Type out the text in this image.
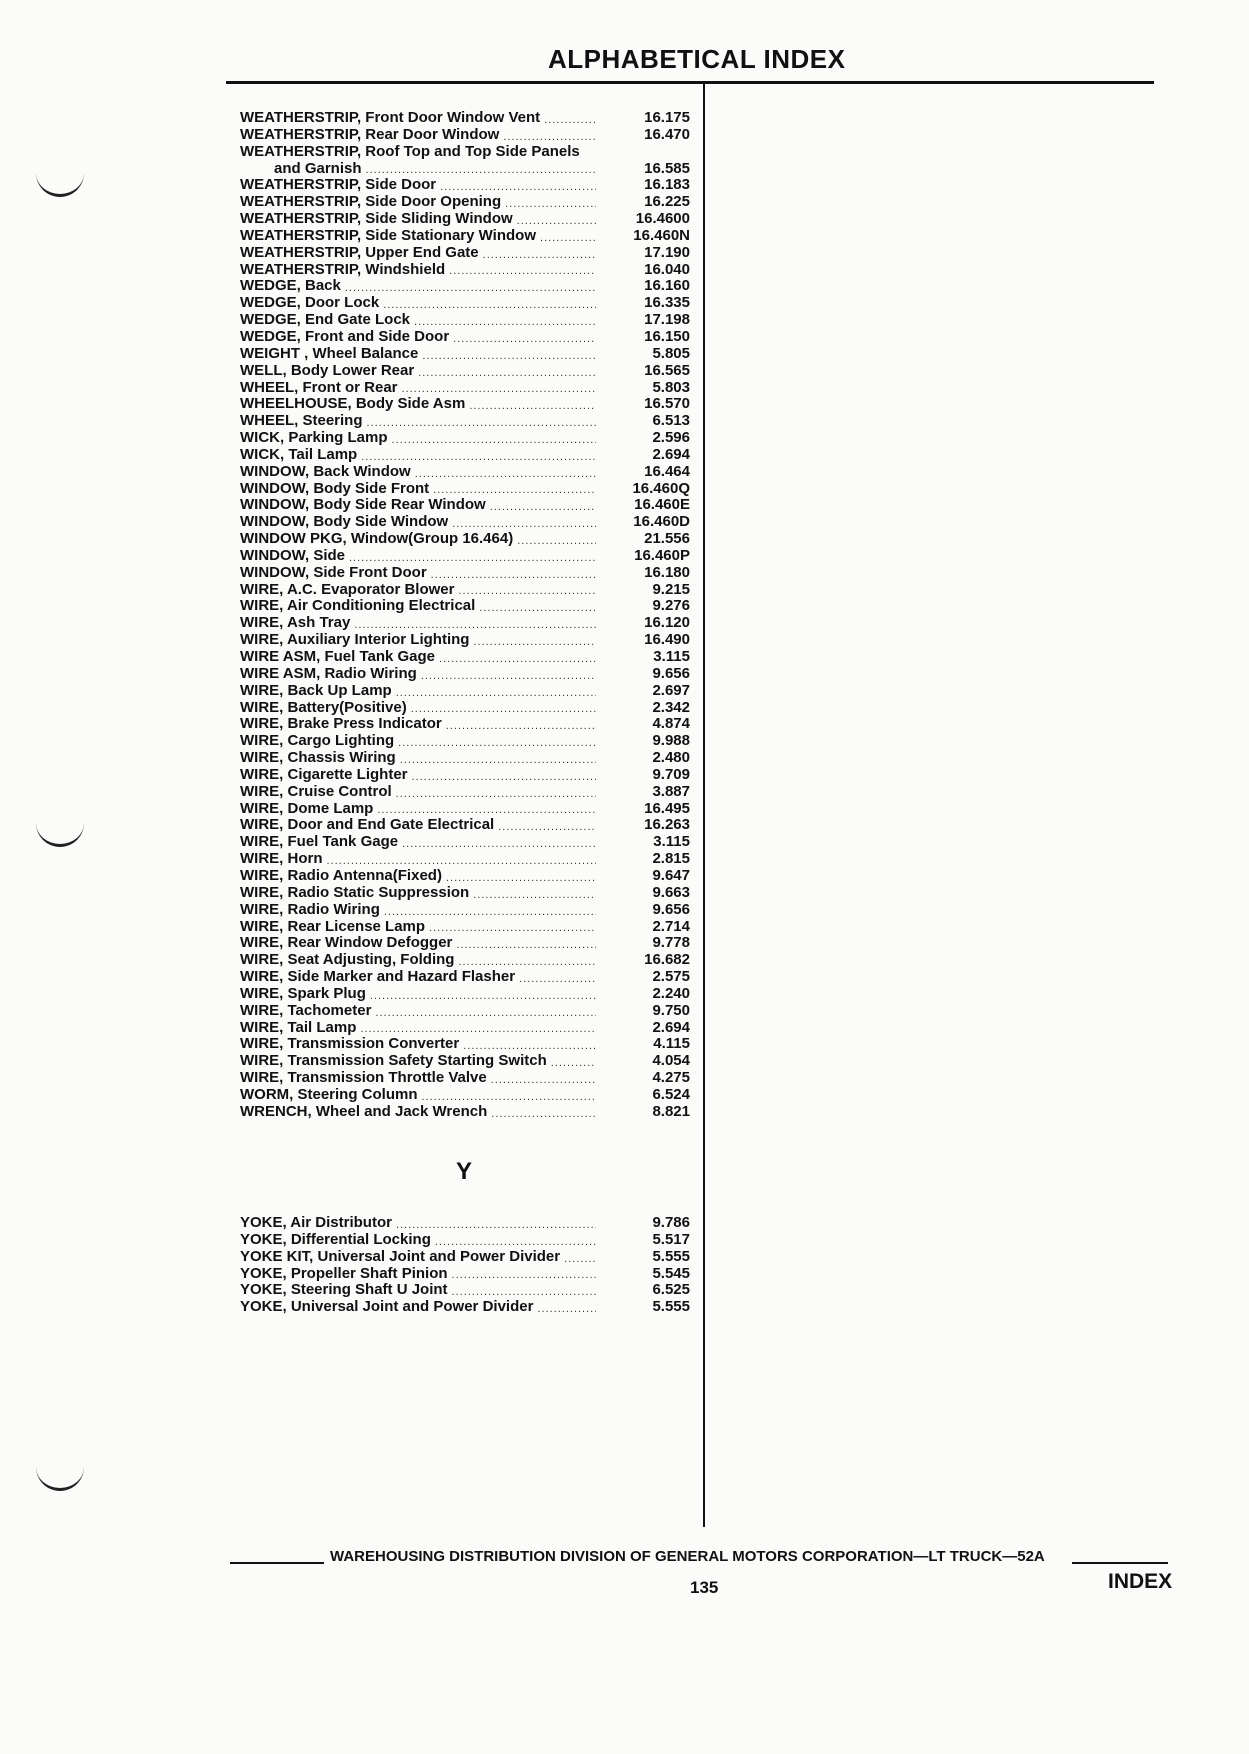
ALPHABETICAL INDEX
WEATHERSTRIP, Front Door Window Vent .....	16.175
WEATHERSTRIP, Rear Door Window .....	16.470
WEATHERSTRIP, Roof Top and Top Side Panels
and Garnish .....	16.585
WEATHERSTRIP, Side Door .....	16.183
WEATHERSTRIP, Side Door Opening .....	16.225
WEATHERSTRIP, Side Sliding Window .....	16.4600
WEATHERSTRIP, Side Stationary Window .....	16.460N
WEATHERSTRIP, Upper End Gate .....	17.190
WEATHERSTRIP, Windshield .....	16.040
WEDGE, Back .....	16.160
WEDGE, Door Lock .....	16.335
WEDGE, End Gate Lock .....	17.198
WEDGE, Front and Side Door .....	16.150
WEIGHT , Wheel Balance .....	5.805
WELL, Body Lower Rear .....	16.565
WHEEL, Front or Rear .....	5.803
WHEELHOUSE, Body Side Asm .....	16.570
WHEEL, Steering .....	6.513
WICK, Parking Lamp .....	2.596
WICK, Tail Lamp .....	2.694
WINDOW, Back Window .....	16.464
WINDOW, Body Side Front .....	16.460Q
WINDOW, Body Side Rear Window .....	16.460E
WINDOW, Body Side Window .....	16.460D
WINDOW PKG, Window(Group 16.464) .....	21.556
WINDOW, Side .....	16.460P
WINDOW, Side Front Door .....	16.180
WIRE, A.C. Evaporator Blower .....	9.215
WIRE, Air Conditioning Electrical .....	9.276
WIRE, Ash Tray .....	16.120
WIRE, Auxiliary Interior Lighting .....	16.490
WIRE ASM, Fuel Tank Gage .....	3.115
WIRE ASM, Radio Wiring .....	9.656
WIRE, Back Up Lamp .....	2.697
WIRE, Battery(Positive) .....	2.342
WIRE, Brake Press Indicator .....	4.874
WIRE, Cargo Lighting .....	9.988
WIRE, Chassis Wiring .....	2.480
WIRE, Cigarette Lighter .....	9.709
WIRE, Cruise Control .....	3.887
WIRE, Dome Lamp .....	16.495
WIRE, Door and End Gate Electrical .....	16.263
WIRE, Fuel Tank Gage .....	3.115
WIRE, Horn .....	2.815
WIRE, Radio Antenna(Fixed) .....	9.647
WIRE, Radio Static Suppression .....	9.663
WIRE, Radio Wiring .....	9.656
WIRE, Rear License Lamp .....	2.714
WIRE, Rear Window Defogger .....	9.778
WIRE, Seat Adjusting, Folding .....	16.682
WIRE, Side Marker and Hazard Flasher .....	2.575
WIRE, Spark Plug .....	2.240
WIRE, Tachometer .....	9.750
WIRE, Tail Lamp .....	2.694
WIRE, Transmission Converter .....	4.115
WIRE, Transmission Safety Starting Switch .....	4.054
WIRE, Transmission Throttle Valve .....	4.275
WORM, Steering Column .....	6.524
WRENCH, Wheel and Jack Wrench .....	8.821
Y
YOKE, Air Distributor .....	9.786
YOKE, Differential Locking .....	5.517
YOKE KIT, Universal Joint and Power Divider .....	5.555
YOKE, Propeller Shaft Pinion .....	5.545
YOKE, Steering Shaft U Joint .....	6.525
YOKE, Universal Joint and Power Divider .....	5.555
WAREHOUSING DISTRIBUTION DIVISION OF GENERAL MOTORS CORPORATION—LT TRUCK—52A
135	INDEX
